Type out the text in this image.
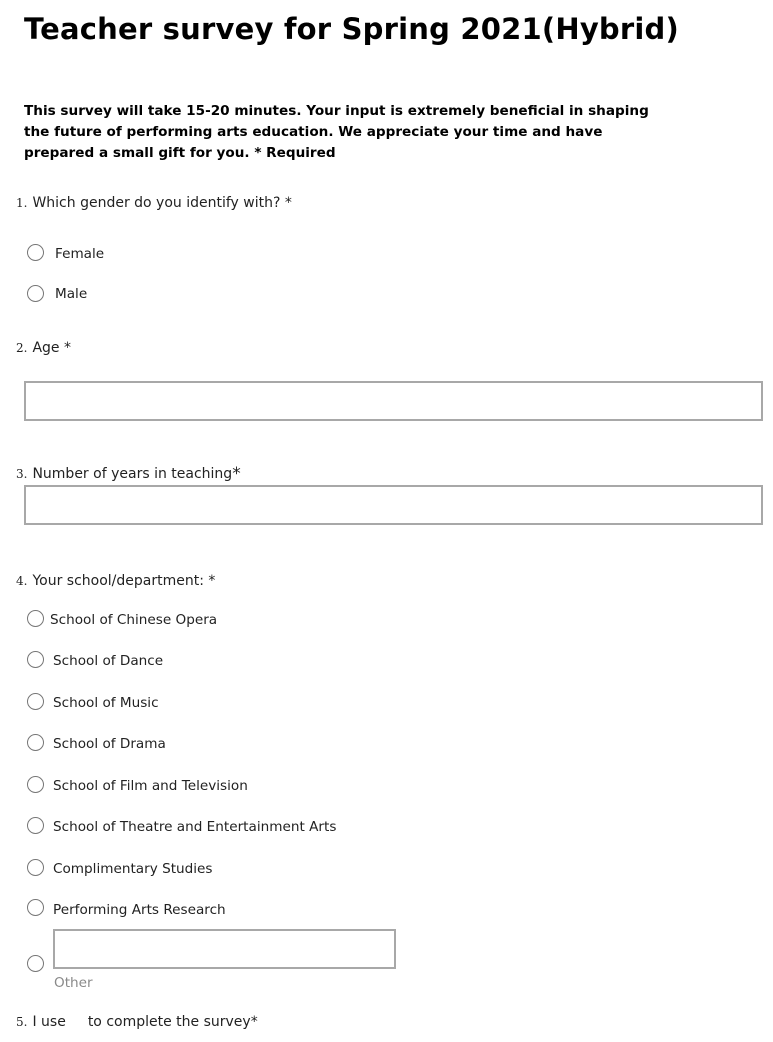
Teacher survey for Spring 2021(Hybrid)
This survey will take 15-20 minutes. Your input is extremely beneficial in shaping the future of performing arts education. We appreciate your time and have prepared a small gift for you. * Required
1. Which gender do you identify with? *
Female
Male
2. Age *
3. Number of years in teaching*
4. Your school/department: *
School of Chinese Opera
School of Dance
School of Music
School of Drama
School of Film and Television
School of Theatre and Entertainment Arts
Complimentary Studies
Performing Arts Research
Other
5. I use to complete the survey*
